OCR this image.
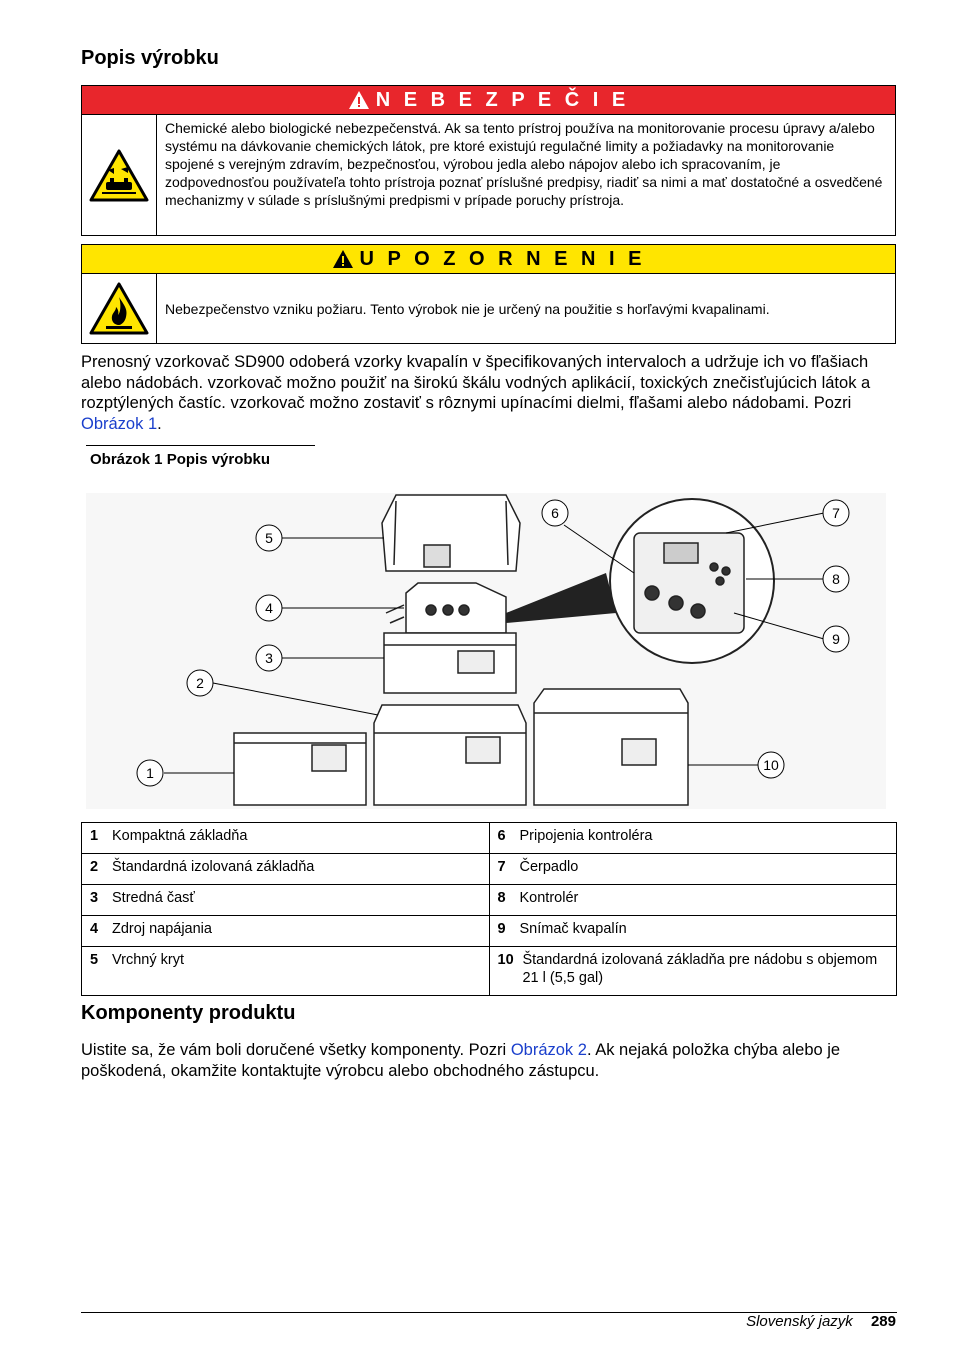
Popis výrobku
N E B E Z P E Č I E
Chemické alebo biologické nebezpečenstvá. Ak sa tento prístroj používa na monitorovanie procesu úpravy a/alebo systému na dávkovanie chemických látok, pre ktoré existujú regulačné limity a požiadavky na monitorovanie spojené s verejným zdravím, bezpečnosťou, výrobou jedla alebo nápojov alebo ich spracovaním, je zodpovednosťou používateľa tohto prístroja poznať príslušné predpisy, riadiť sa nimi a mať dostatočné a osvedčené mechanizmy v súlade s príslušnými predpismi v prípade poruchy prístroja.
U P O Z O R N E N I E
Nebezpečenstvo vzniku požiaru. Tento výrobok nie je určený na použitie s horľavými kvapalinami.
Prenosný vzorkovač SD900 odoberá vzorky kvapalín v špecifikovaných intervaloch a udržuje ich vo fľašiach alebo nádobách. vzorkovač možno použiť na širokú škálu vodných aplikácií, toxických znečisťujúcich látok a rozptýlených častíc. vzorkovač možno zostaviť s rôznymi upínacími dielmi, fľašami alebo nádobami. Pozri Obrázok 1.
Obrázok 1 Popis výrobku
1
2
3
4
5
6	7
8
9
10
1 Kompaktná základňa	6 Pripojenia kontroléra

2 Štandardná izolovaná základňa	7 Čerpadlo

3 Stredná časť	8 Kontrolér

4 Zdroj napájania	9 Snímač kvapalín

5 Vrchný kryt	10 Štandardná izolovaná základňa pre nádobu s objemom 21 l (5,5 gal)
Komponenty produktu
Uistite sa, že vám boli doručené všetky komponenty. Pozri Obrázok 2. Ak nejaká položka chýba alebo je poškodená, okamžite kontaktujte výrobcu alebo obchodného zástupcu.
Slovenský jazyk 289
